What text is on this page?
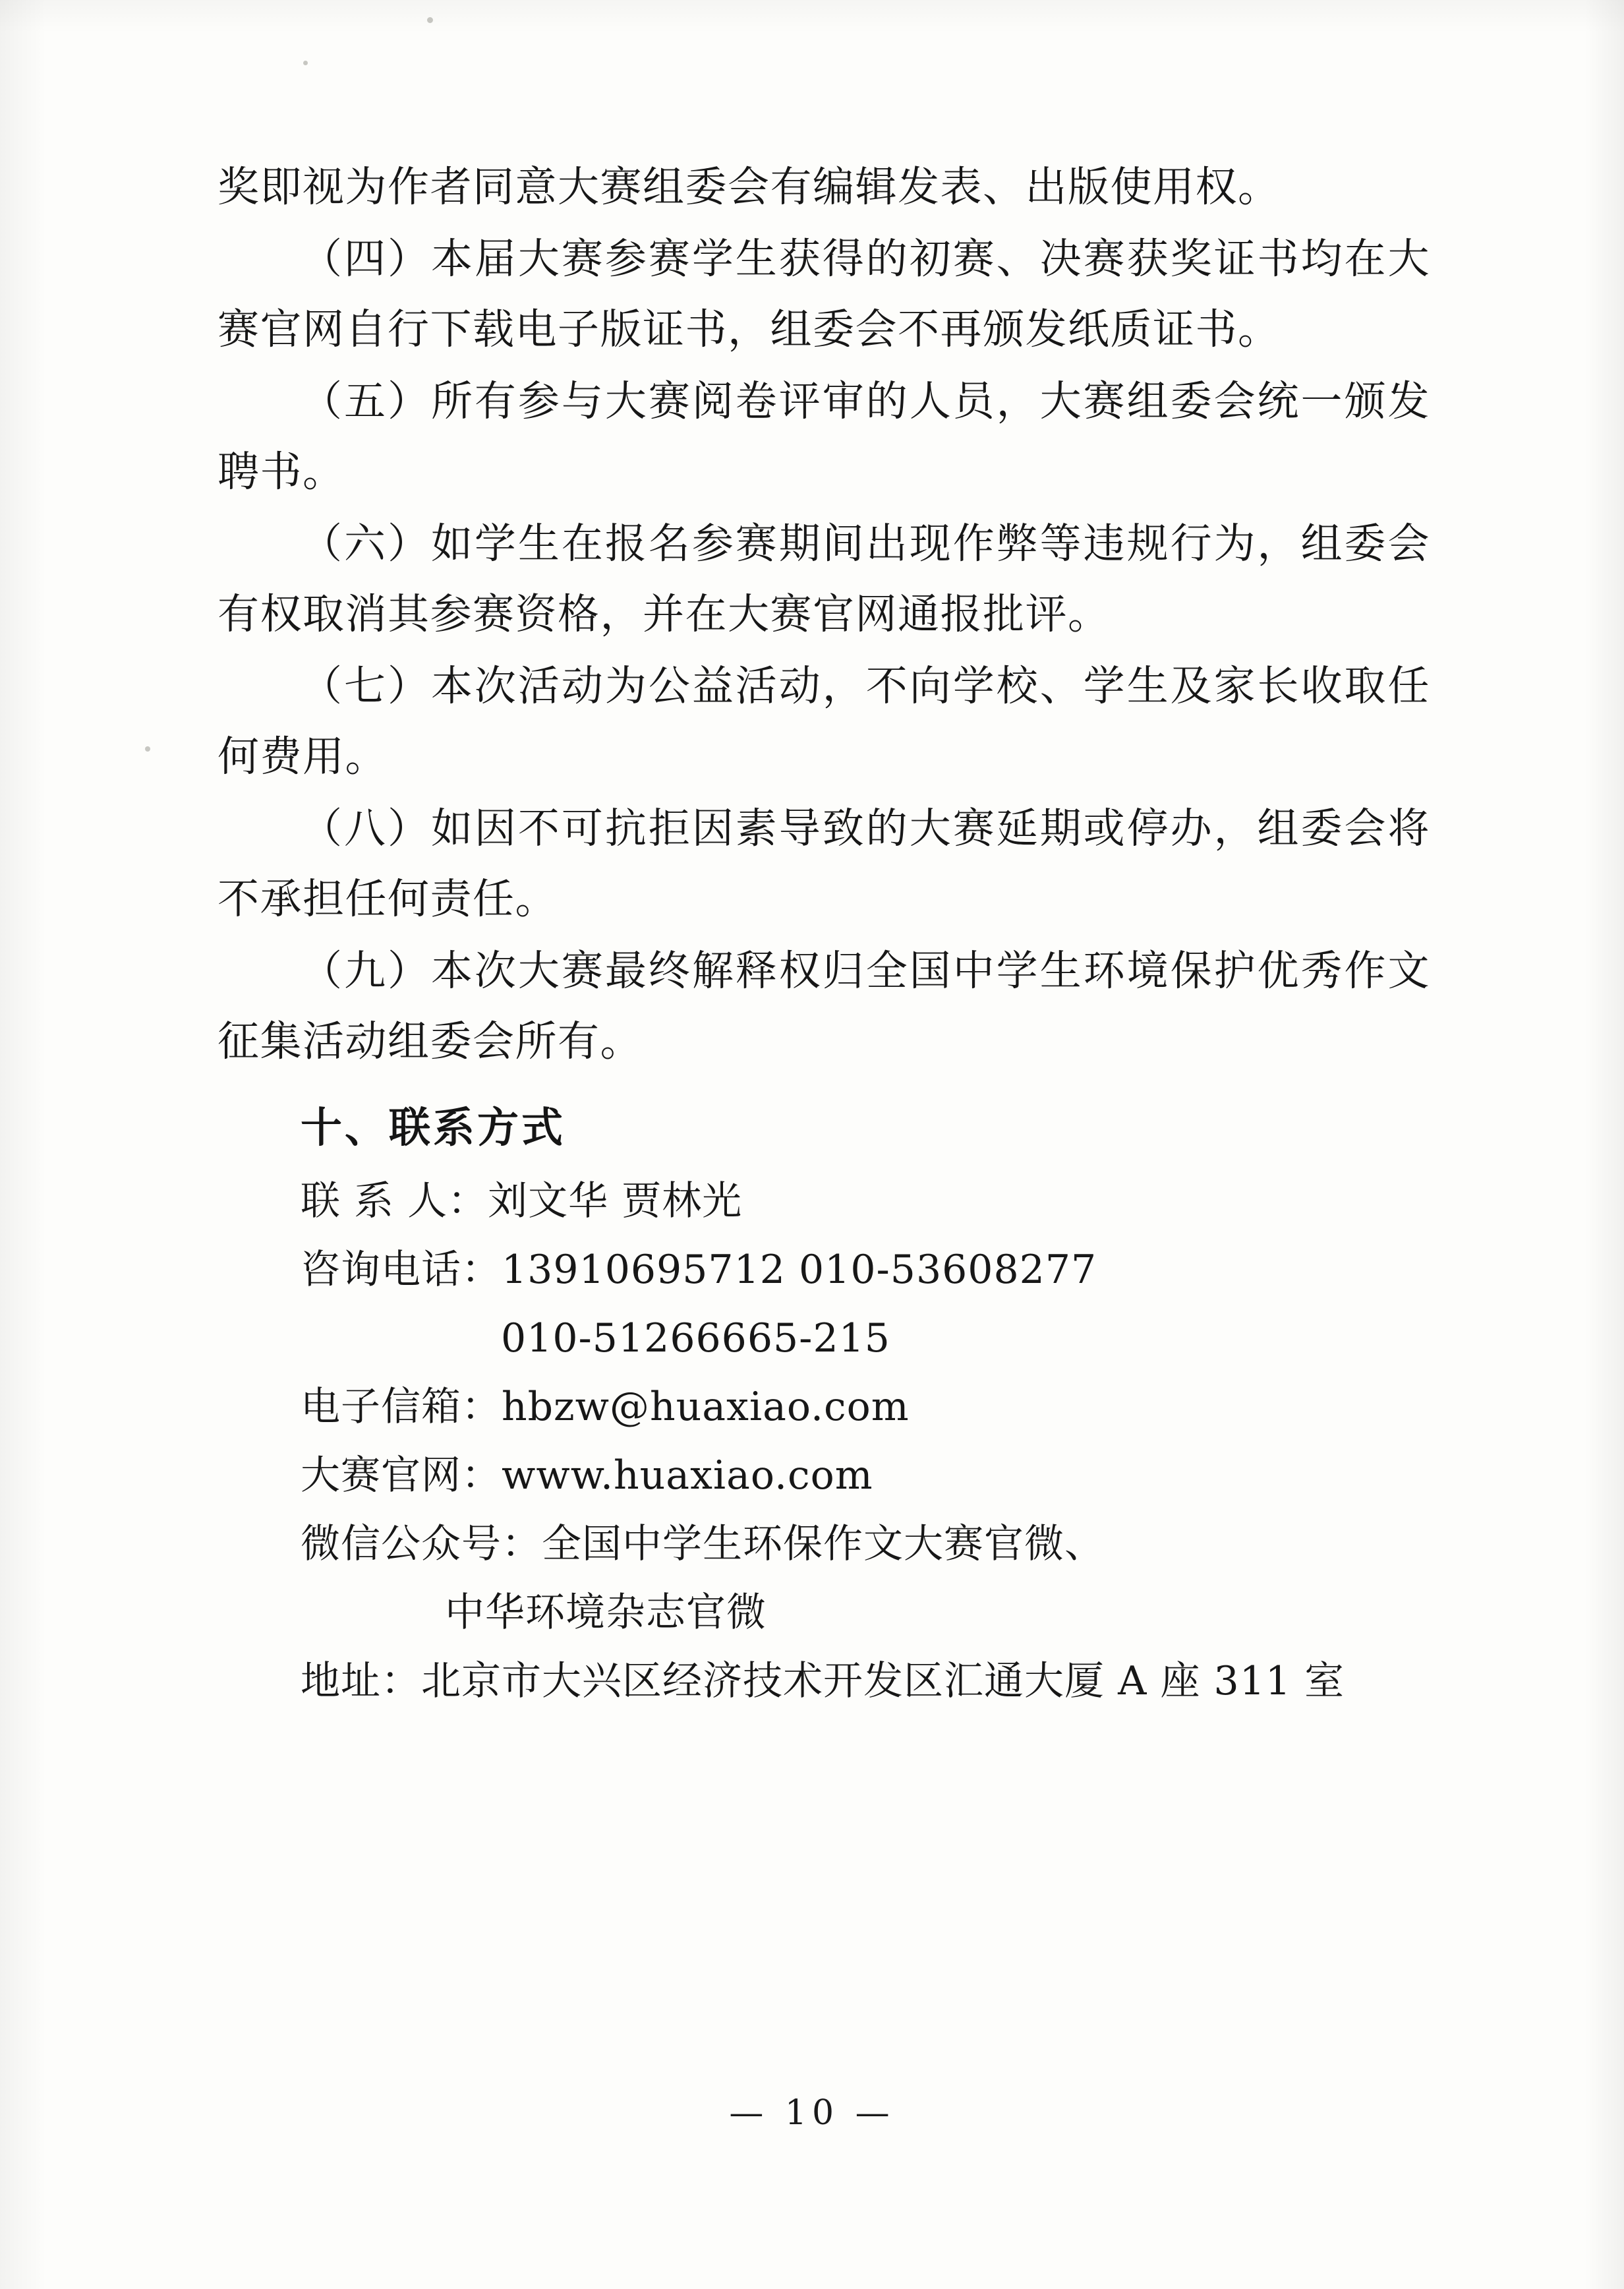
奖即视为作者同意大赛组委会有编辑发表、出版使用权。

（四）本届大赛参赛学生获得的初赛、决赛获奖证书均在大赛官网自行下载电子版证书，组委会不再颁发纸质证书。

（五）所有参与大赛阅卷评审的人员，大赛组委会统一颁发聘书。

（六）如学生在报名参赛期间出现作弊等违规行为，组委会有权取消其参赛资格，并在大赛官网通报批评。

（七）本次活动为公益活动，不向学校、学生及家长收取任何费用。

（八）如因不可抗拒因素导致的大赛延期或停办，组委会将不承担任何责任。

（九）本次大赛最终解释权归全国中学生环境保护优秀作文征集活动组委会所有。

十、联系方式

联 系 人：刘文华 贾林光

咨询电话：13910695712 010-53608277

010-51266665-215

电子信箱：hbzw@huaxiao.com

大赛官网：www.huaxiao.com

微信公众号：全国中学生环保作文大赛官微、

中华环境杂志官微

地址：北京市大兴区经济技术开发区汇通大厦 A 座 311 室

— 10 —
